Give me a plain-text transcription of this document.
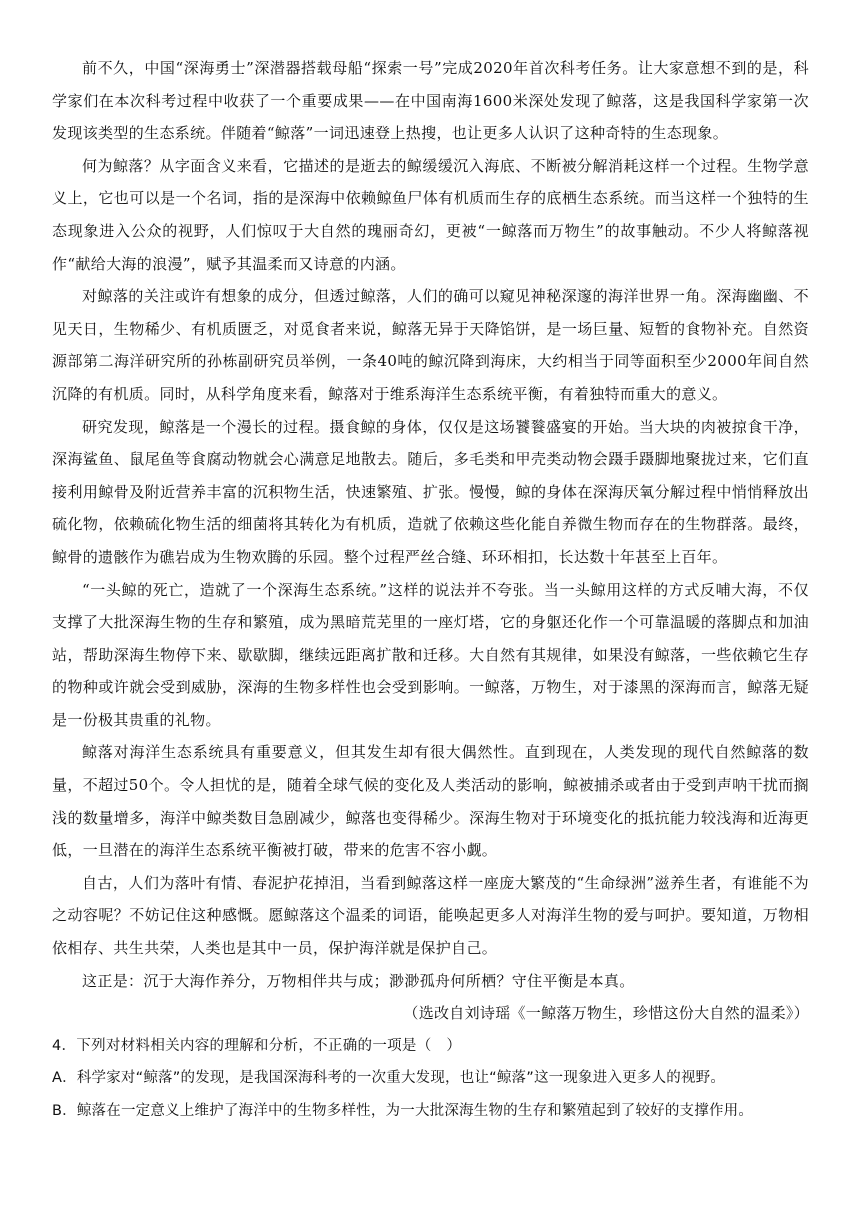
前不久，中国“深海勇士”深潜器搭载母船“探索一号”完成2020年首次科考任务。让大家意想不到的是，科学家们在本次科考过程中收获了一个重要成果——在中国南海1600米深处发现了鲸落，这是我国科学家第一次发现该类型的生态系统。伴随着“鲸落”一词迅速登上热搜，也让更多人认识了这种奇特的生态现象。

何为鲸落？从字面含义来看，它描述的是逝去的鲸缓缓沉入海底、不断被分解消耗这样一个过程。生物学意义上，它也可以是一个名词，指的是深海中依赖鲸鱼尸体有机质而生存的底栖生态系统。而当这样一个独特的生态现象进入公众的视野，人们惊叹于大自然的瑰丽奇幻，更被“一鲸落而万物生”的故事触动。不少人将鲸落视作“献给大海的浪漫”，赋予其温柔而又诗意的内涵。

对鲸落的关注或许有想象的成分，但透过鲸落，人们的确可以窥见神秘深邃的海洋世界一角。深海幽幽、不见天日，生物稀少、有机质匮乏，对觅食者来说，鲸落无异于天降馅饼，是一场巨量、短暂的食物补充。自然资源部第二海洋研究所的孙栋副研究员举例，一条40吨的鲸沉降到海床，大约相当于同等面积至少2000年间自然沉降的有机质。同时，从科学角度来看，鲸落对于维系海洋生态系统平衡，有着独特而重大的意义。

研究发现，鲸落是一个漫长的过程。摄食鲸的身体，仅仅是这场饕餮盛宴的开始。当大块的肉被掠食干净，深海鲨鱼、鼠尾鱼等食腐动物就会心满意足地散去。随后，多毛类和甲壳类动物会蹑手蹑脚地聚拢过来，它们直接利用鲸骨及附近营养丰富的沉积物生活，快速繁殖、扩张。慢慢，鲸的身体在深海厌氧分解过程中悄悄释放出硫化物，依赖硫化物生活的细菌将其转化为有机质，造就了依赖这些化能自养微生物而存在的生物群落。最终，鲸骨的遗骸作为礁岩成为生物欢腾的乐园。整个过程严丝合缝、环环相扣，长达数十年甚至上百年。

“一头鲸的死亡，造就了一个深海生态系统。”这样的说法并不夸张。当一头鲸用这样的方式反哺大海，不仅支撑了大批深海生物的生存和繁殖，成为黑暗荒芜里的一座灯塔，它的身躯还化作一个可靠温暖的落脚点和加油站，帮助深海生物停下来、歇歇脚，继续远距离扩散和迁移。大自然有其规律，如果没有鲸落，一些依赖它生存的物种或许就会受到威胁，深海的生物多样性也会受到影响。一鲸落，万物生，对于漆黑的深海而言，鲸落无疑是一份极其贵重的礼物。

鲸落对海洋生态系统具有重要意义，但其发生却有很大偶然性。直到现在，人类发现的现代自然鲸落的数量，不超过50个。令人担忧的是，随着全球气候的变化及人类活动的影响，鲸被捕杀或者由于受到声呐干扰而搁浅的数量增多，海洋中鲸类数目急剧减少，鲸落也变得稀少。深海生物对于环境变化的抵抗能力较浅海和近海更低，一旦潜在的海洋生态系统平衡被打破，带来的危害不容小觑。

自古，人们为落叶有情、春泥护花掉泪，当看到鲸落这样一座庞大繁茂的“生命绿洲”滋养生者，有谁能不为之动容呢？不妨记住这种感慨。愿鲸落这个温柔的词语，能唤起更多人对海洋生物的爱与呵护。要知道，万物相依相存、共生共荣，人类也是其中一员，保护海洋就是保护自己。

这正是：沉于大海作养分，万物相伴共与成；渺渺孤舟何所栖？守住平衡是本真。

（选改自刘诗瑶《一鲸落万物生，珍惜这份大自然的温柔》）

4．下列对材料相关内容的理解和分析，不正确的一项是（　）

A．科学家对“鲸落”的发现，是我国深海科考的一次重大发现，也让“鲸落”这一现象进入更多人的视野。

B．鲸落在一定意义上维护了海洋中的生物多样性，为一大批深海生物的生存和繁殖起到了较好的支撑作用。
